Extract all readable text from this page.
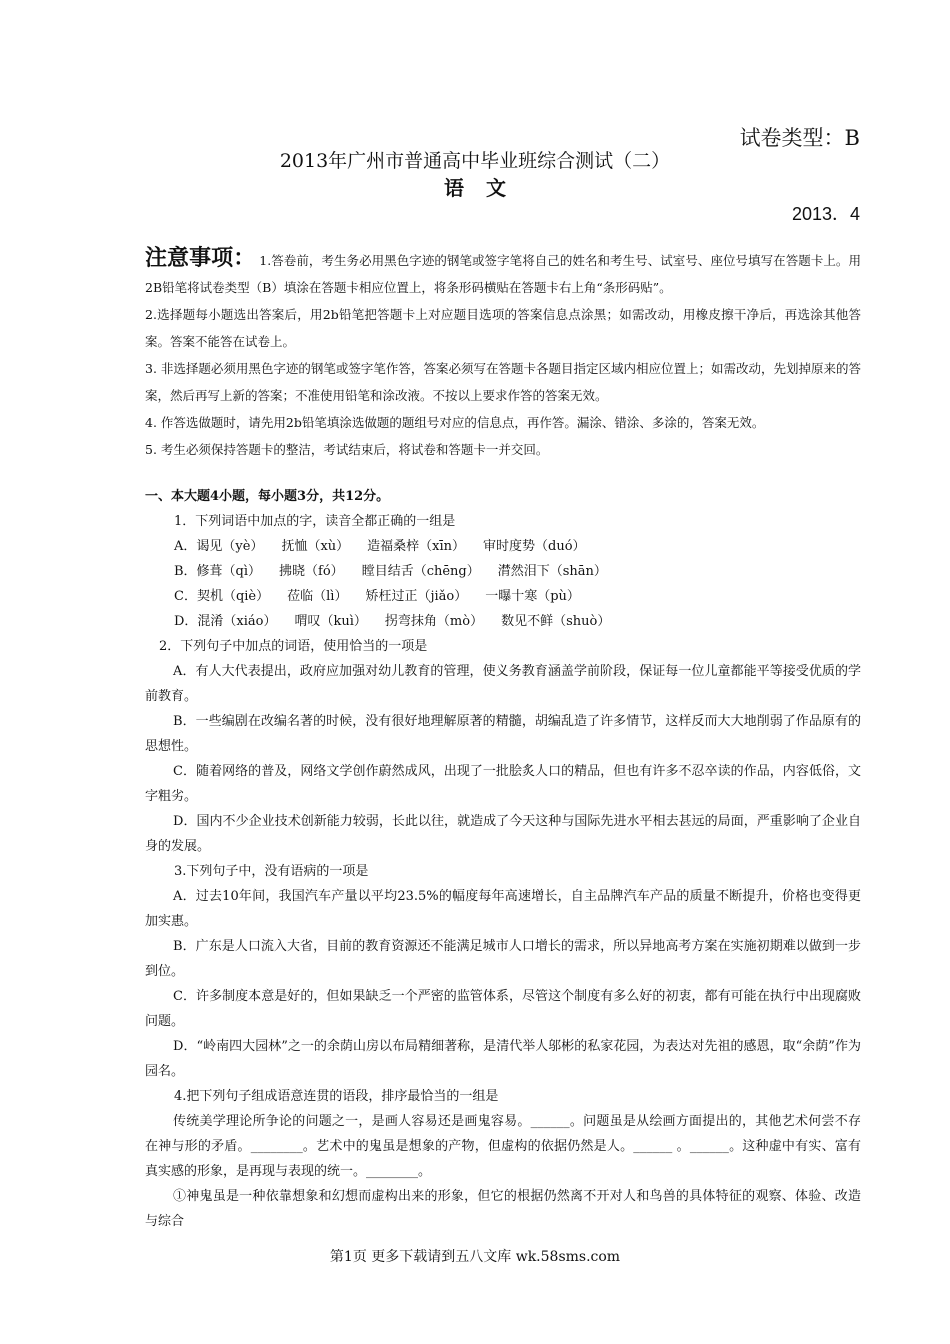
试卷类型：B
2013年广州市普通高中毕业班综合测试（二）
语文
2013．4

注意事项： 1.答卷前，考生务必用黑色字迹的钢笔或签字笔将自己的姓名和考生号、试室号、座位号填写在答题卡上。用2B铅笔将试卷类型（B）填涂在答题卡相应位置上，将条形码横贴在答题卡右上角“条形码贴”。

2.选择题每小题选出答案后，用2b铅笔把答题卡上对应题目选项的答案信息点涂黑；如需改动，用橡皮擦干净后，再选涂其他答案。答案不能答在试卷上。

3. 非选择题必须用黑色字迹的钢笔或签字笔作答，答案必须写在答题卡各题目指定区域内相应位置上；如需改动，先划掉原来的答案，然后再写上新的答案；不准使用铅笔和涂改液。不按以上要求作答的答案无效。

4. 作答选做题时，请先用2b铅笔填涂选做题的题组号对应的信息点，再作答。漏涂、错涂、多涂的，答案无效。

5. 考生必须保持答题卡的整洁，考试结束后，将试卷和答题卡一并交回。

一、本大题4小题，每小题3分，共12分。

1．下列词语中加点的字，读音全都正确的一组是

A．谒见（yè） 抚恤（xù） 造福桑梓（xīn） 审时度势（duó）

B．修葺（qì） 拂晓（fó） 瞠目结舌（chēng） 潸然泪下（shān）

C．契机（qiè） 莅临（lì） 矫枉过正（jiǎo） 一曝十寒（pù）

D．混淆（xiáo） 喟叹（kuì） 拐弯抹角（mò） 数见不鲜（shuò）

2．下列句子中加点的词语，使用恰当的一项是

A．有人大代表提出，政府应加强对幼儿教育的管理，使义务教育涵盖学前阶段，保证每一位儿童都能平等接受优质的学前教育。

B．一些编剧在改编名著的时候，没有很好地理解原著的精髓，胡编乱造了许多情节，这样反而大大地削弱了作品原有的思想性。

C．随着网络的普及，网络文学创作蔚然成风，出现了一批脍炙人口的精品，但也有许多不忍卒读的作品，内容低俗，文字粗劣。

D．国内不少企业技术创新能力较弱，长此以往，就造成了今天这种与国际先进水平相去甚远的局面，严重影响了企业自身的发展。

3.下列句子中，没有语病的一项是

A．过去10年间，我国汽车产量以平均23.5%的幅度每年高速增长，自主品牌汽车产品的质量不断提升，价格也变得更加实惠。

B．广东是人口流入大省，目前的教育资源还不能满足城市人口增长的需求，所以异地高考方案在实施初期难以做到一步到位。

C．许多制度本意是好的，但如果缺乏一个严密的监管体系，尽管这个制度有多么好的初衷，都有可能在执行中出现腐败问题。

D．“岭南四大园林”之一的余荫山房以布局精细著称，是清代举人邬彬的私家花园，为表达对先祖的感恩，取“余荫”作为园名。

4.把下列句子组成语意连贯的语段，排序最恰当的一组是

传统美学理论所争论的问题之一，是画人容易还是画鬼容易。______。问题虽是从绘画方面提出的，其他艺术何尝不存在神与形的矛盾。________。艺术中的鬼虽是想象的产物，但虚构的依据仍然是人。______ 。______。这种虚中有实、富有真实感的形象，是再现与表现的统一。________。

①神鬼虽是一种依靠想象和幻想而虚构出来的形象，但它的根据仍然离不开对人和鸟兽的具体特征的观察、体验、改造与综合

第1页 更多下载请到五八文库 wk.58sms.com
